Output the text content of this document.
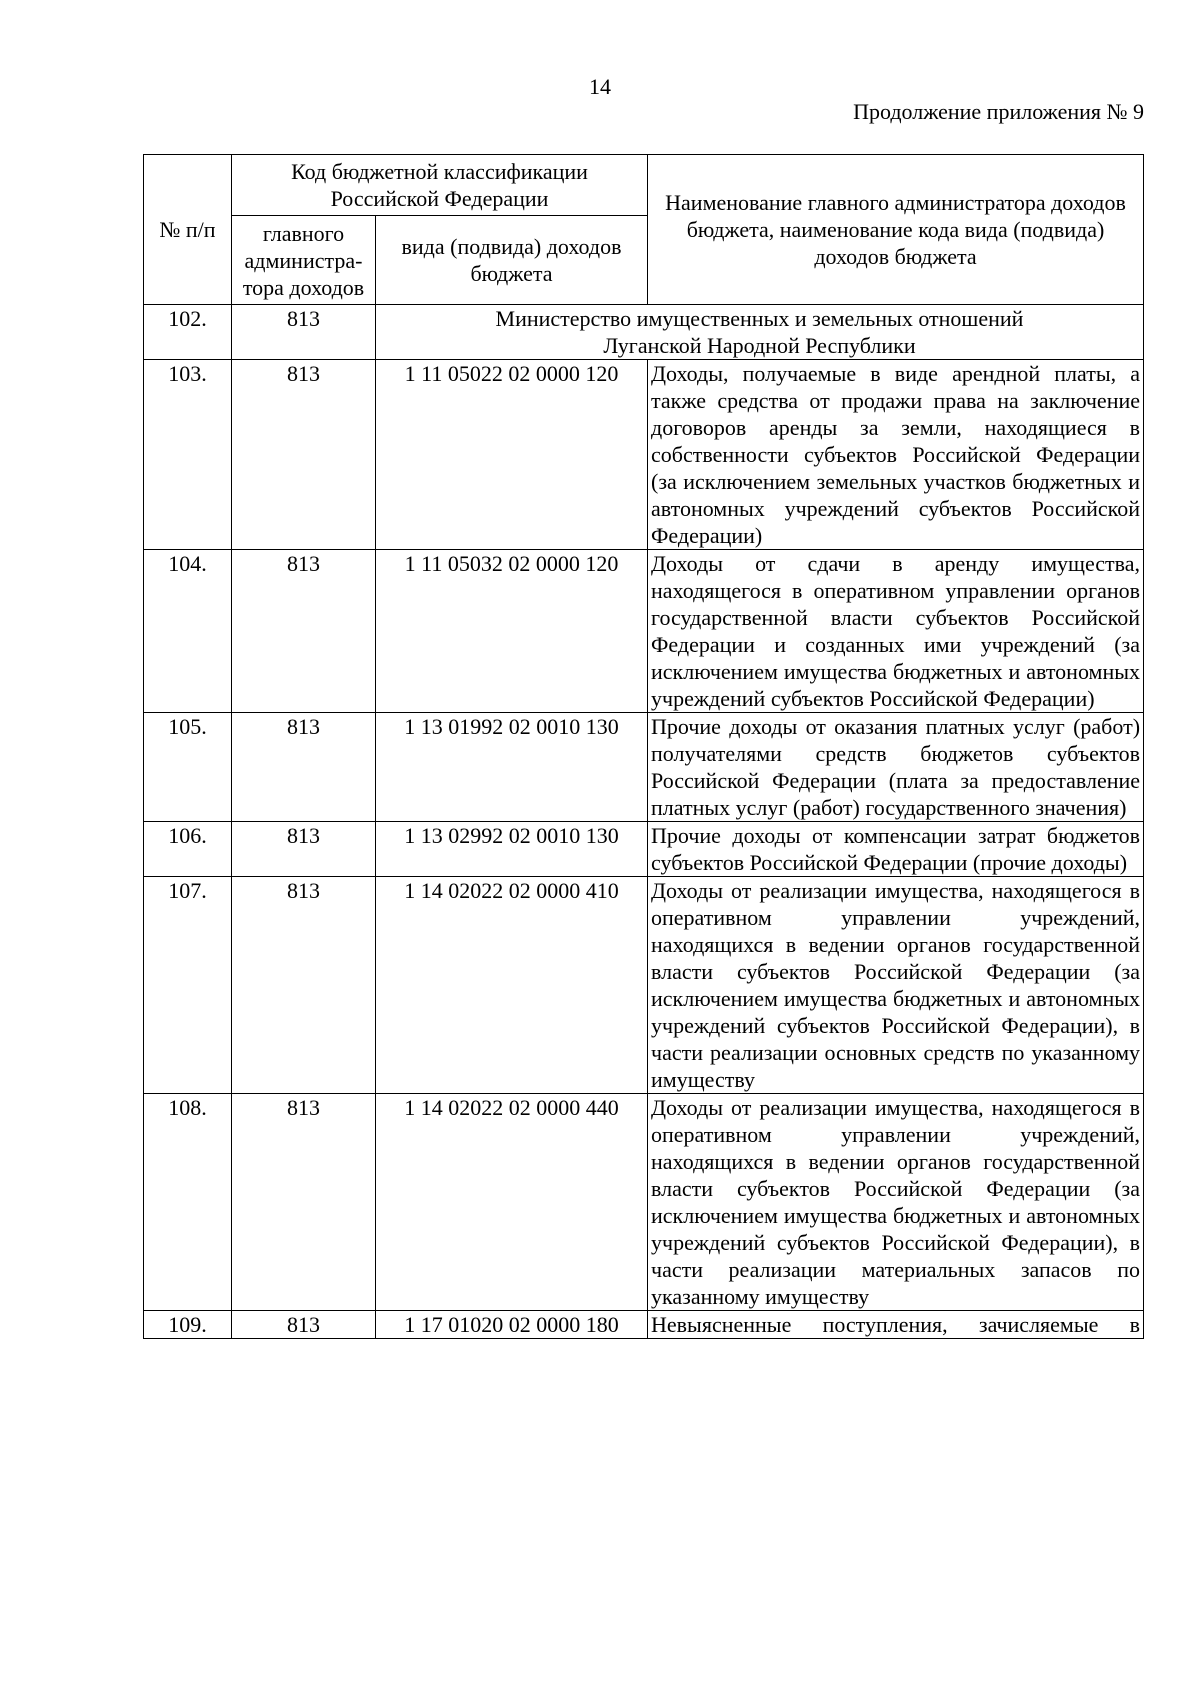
14
Продолжение приложения № 9
№ п/п	Код бюджетной классификации Российской Федерации		Наименование главного администратора доходов бюджета, наименование кода вида (подвида) доходов бюджета
	главного администра-тора доходов	вида (подвида) доходов бюджета	
102.	813	Министерство имущественных и земельных отношений
Луганской Народной Республики	
103.	813	1 11 05022 02 0000 120	Доходы, получаемые в виде арендной платы, а также средства от продажи права на заключение договоров аренды за земли, находящиеся в собственности субъектов Российской Федерации (за исключением земельных участков бюджетных и автономных учреждений субъектов Российской Федерации)
104.	813	1 11 05032 02 0000 120	Доходы от сдачи в аренду имущества, находящегося в оперативном управлении органов государственной власти субъектов Российской Федерации и созданных ими учреждений (за исключением имущества бюджетных и автономных учреждений субъектов Российской Федерации)
105.	813	1 13 01992 02 0010 130	Прочие доходы от оказания платных услуг (работ) получателями средств бюджетов субъектов Российской Федерации (плата за предоставление платных услуг (работ) государственного значения)
106.	813	1 13 02992 02 0010 130	Прочие доходы от компенсации затрат бюджетов субъектов Российской Федерации (прочие доходы)
107.	813	1 14 02022 02 0000 410	Доходы от реализации имущества, находящегося в оперативном управлении учреждений, находящихся в ведении органов государственной власти субъектов Российской Федерации (за исключением имущества бюджетных и автономных учреждений субъектов Российской Федерации), в части реализации основных средств по указанному имуществу
108.	813	1 14 02022 02 0000 440	Доходы от реализации имущества, находящегося в оперативном управлении учреждений, находящихся в ведении органов государственной власти субъектов Российской Федерации (за исключением имущества бюджетных и автономных учреждений субъектов Российской Федерации), в части реализации материальных запасов по указанному имуществу
109.	813	1 17 01020 02 0000 180	Невыясненные поступления, зачисляемые в
